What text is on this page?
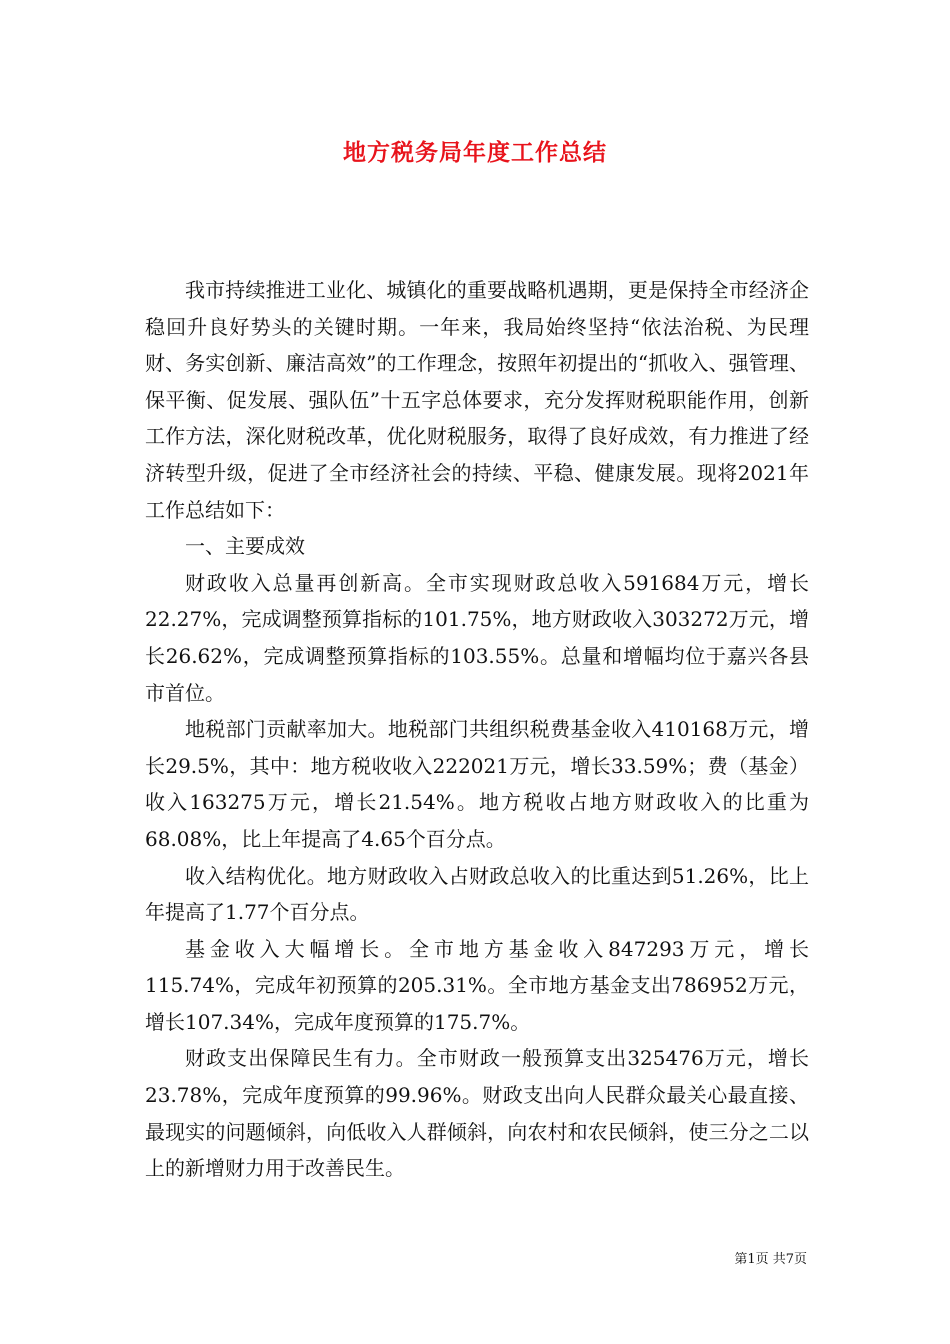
地方税务局年度工作总结

我市持续推进工业化、城镇化的重要战略机遇期，更是保持全市经济企稳回升良好势头的关键时期。一年来，我局始终坚持“依法治税、为民理财、务实创新、廉洁高效”的工作理念，按照年初提出的“抓收入、强管理、保平衡、促发展、强队伍”十五字总体要求，充分发挥财税职能作用，创新工作方法，深化财税改革，优化财税服务，取得了良好成效，有力推进了经济转型升级，促进了全市经济社会的持续、平稳、健康发展。现将2021年工作总结如下：

一、主要成效

财政收入总量再创新高。全市实现财政总收入591684万元，增长22.27%，完成调整预算指标的101.75%，地方财政收入303272万元，增长26.62%，完成调整预算指标的103.55%。总量和增幅均位于嘉兴各县市首位。

地税部门贡献率加大。地税部门共组织税费基金收入410168万元，增长29.5%，其中：地方税收收入222021万元，增长33.59%；费（基金）收入163275万元，增长21.54%。地方税收占地方财政收入的比重为68.08%，比上年提高了4.65个百分点。

收入结构优化。地方财政收入占财政总收入的比重达到51.26%，比上年提高了1.77个百分点。

基金收入大幅增长。全市地方基金收入847293万元，增长115.74%，完成年初预算的205.31%。全市地方基金支出786952万元，增长107.34%，完成年度预算的175.7%。

财政支出保障民生有力。全市财政一般预算支出325476万元，增长23.78%，完成年度预算的99.96%。财政支出向人民群众最关心最直接、最现实的问题倾斜，向低收入人群倾斜，向农村和农民倾斜，使三分之二以上的新增财力用于改善民生。

第1页 共7页
